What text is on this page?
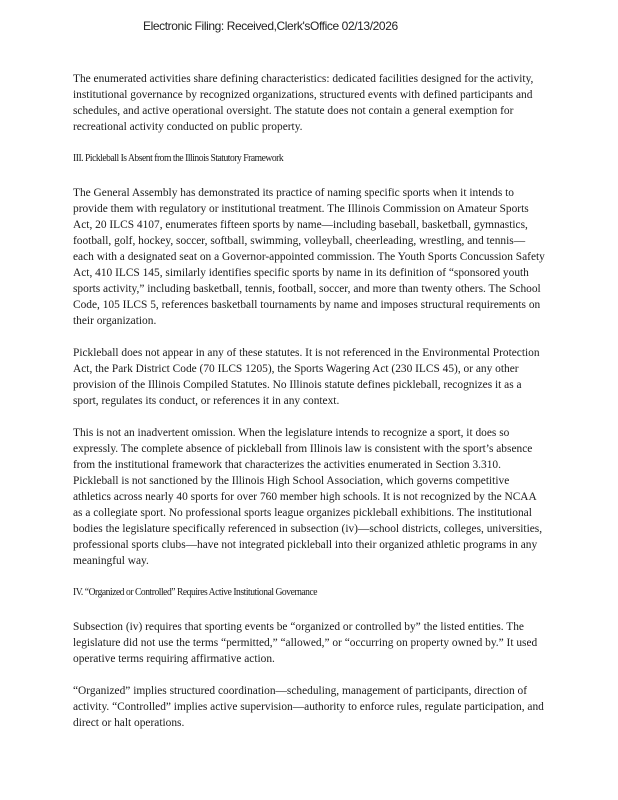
Electronic Filing: Received,Clerk'sOffice 02/13/2026

The enumerated activities share defining characteristics: dedicated facilities designed for the activity, institutional governance by recognized organizations, structured events with defined participants and schedules, and active operational oversight. The statute does not contain a general exemption for recreational activity conducted on public property.

III. Pickleball Is Absent from the Illinois Statutory Framework

The General Assembly has demonstrated its practice of naming specific sports when it intends to provide them with regulatory or institutional treatment. The Illinois Commission on Amateur Sports Act, 20 ILCS 4107, enumerates fifteen sports by name—including baseball, basketball, gymnastics, football, golf, hockey, soccer, softball, swimming, volleyball, cheerleading, wrestling, and tennis—each with a designated seat on a Governor-appointed commission. The Youth Sports Concussion Safety Act, 410 ILCS 145, similarly identifies specific sports by name in its definition of “sponsored youth sports activity,” including basketball, tennis, football, soccer, and more than twenty others. The School Code, 105 ILCS 5, references basketball tournaments by name and imposes structural requirements on their organization.

Pickleball does not appear in any of these statutes. It is not referenced in the Environmental Protection Act, the Park District Code (70 ILCS 1205), the Sports Wagering Act (230 ILCS 45), or any other provision of the Illinois Compiled Statutes. No Illinois statute defines pickleball, recognizes it as a sport, regulates its conduct, or references it in any context.

This is not an inadvertent omission. When the legislature intends to recognize a sport, it does so expressly. The complete absence of pickleball from Illinois law is consistent with the sport’s absence from the institutional framework that characterizes the activities enumerated in Section 3.310. Pickleball is not sanctioned by the Illinois High School Association, which governs competitive athletics across nearly 40 sports for over 760 member high schools. It is not recognized by the NCAA as a collegiate sport. No professional sports league organizes pickleball exhibitions. The institutional bodies the legislature specifically referenced in subsection (iv)—school districts, colleges, universities, professional sports clubs—have not integrated pickleball into their organized athletic programs in any meaningful way.

IV. “Organized or Controlled” Requires Active Institutional Governance

Subsection (iv) requires that sporting events be “organized or controlled by” the listed entities. The legislature did not use the terms “permitted,” “allowed,” or “occurring on property owned by.” It used operative terms requiring affirmative action.

“Organized” implies structured coordination—scheduling, management of participants, direction of activity. “Controlled” implies active supervision—authority to enforce rules, regulate participation, and direct or halt operations.
